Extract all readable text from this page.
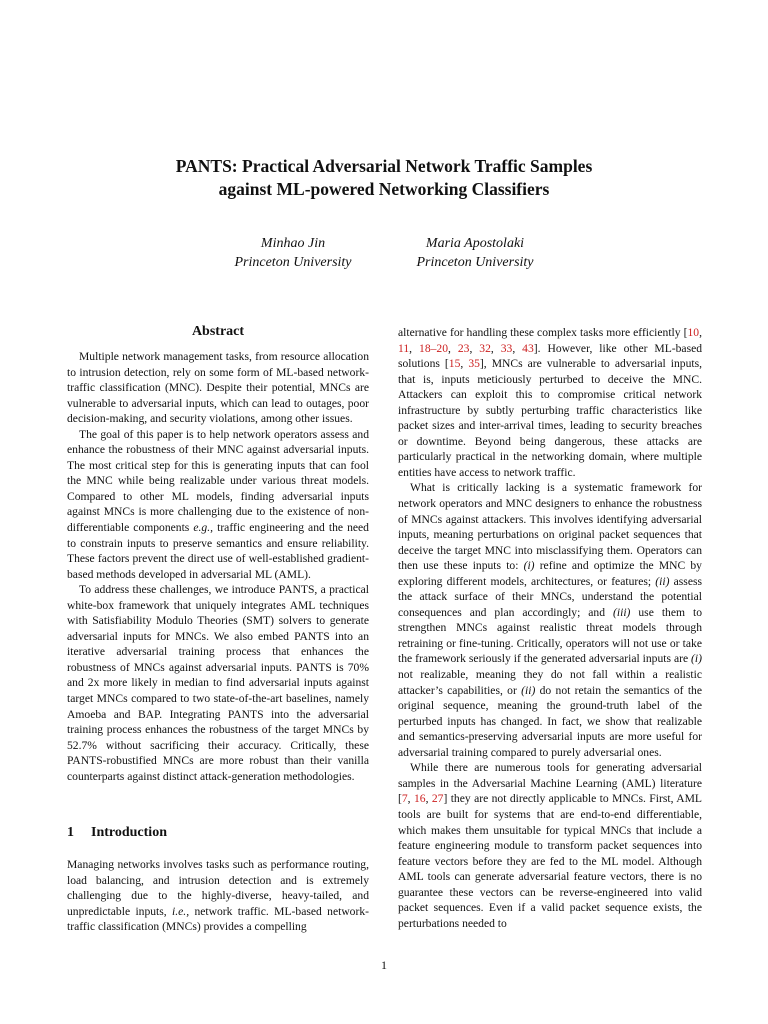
PANTS: Practical Adversarial Network Traffic Samples
against ML-powered Networking Classifiers
Minhao Jin
Princeton University
Maria Apostolaki
Princeton University
Abstract

Multiple network management tasks, from resource allocation to intrusion detection, rely on some form of ML-based network-traffic classification (MNC). Despite their potential, MNCs are vulnerable to adversarial inputs, which can lead to outages, poor decision-making, and security violations, among other issues.

The goal of this paper is to help network operators assess and enhance the robustness of their MNC against adversarial inputs. The most critical step for this is generating inputs that can fool the MNC while being realizable under various threat models. Compared to other ML models, finding adversarial inputs against MNCs is more challenging due to the existence of non-differentiable components e.g., traffic engineering and the need to constrain inputs to preserve semantics and ensure reliability. These factors prevent the direct use of well-established gradient-based methods developed in adversarial ML (AML).

To address these challenges, we introduce PANTS, a practical white-box framework that uniquely integrates AML techniques with Satisfiability Modulo Theories (SMT) solvers to generate adversarial inputs for MNCs. We also embed PANTS into an iterative adversarial training process that enhances the robustness of MNCs against adversarial inputs. PANTS is 70% and 2x more likely in median to find adversarial inputs against target MNCs compared to two state-of-the-art baselines, namely Amoeba and BAP. Integrating PANTS into the adversarial training process enhances the robustness of the target MNCs by 52.7% without sacrificing their accuracy. Critically, these PANTS-robustified MNCs are more robust than their vanilla counterparts against distinct attack-generation methodologies.

1 Introduction

Managing networks involves tasks such as performance routing, load balancing, and intrusion detection and is extremely challenging due to the highly-diverse, heavy-tailed, and unpredictable inputs, i.e., network traffic. ML-based network-traffic classification (MNCs) provides a compelling

alternative for handling these complex tasks more efficiently [10, 11, 18–20, 23, 32, 33, 43]. However, like other ML-based solutions [15, 35], MNCs are vulnerable to adversarial inputs, that is, inputs meticiously perturbed to deceive the MNC. Attackers can exploit this to compromise critical network infrastructure by subtly perturbing traffic characteristics like packet sizes and inter-arrival times, leading to security breaches or downtime. Beyond being dangerous, these attacks are particularly practical in the networking domain, where multiple entities have access to network traffic.

What is critically lacking is a systematic framework for network operators and MNC designers to enhance the robustness of MNCs against attackers. This involves identifying adversarial inputs, meaning perturbations on original packet sequences that deceive the target MNC into misclassifying them. Operators can then use these inputs to: (i) refine and optimize the MNC by exploring different models, architectures, or features; (ii) assess the attack surface of their MNCs, understand the potential consequences and plan accordingly; and (iii) use them to strengthen MNCs against realistic threat models through retraining or fine-tuning. Critically, operators will not use or take the framework seriously if the generated adversarial inputs are (i) not realizable, meaning they do not fall within a realistic attacker’s capabilities, or (ii) do not retain the semantics of the original sequence, meaning the ground-truth label of the perturbed inputs has changed. In fact, we show that realizable and semantics-preserving adversarial inputs are more useful for adversarial training compared to purely adversarial ones.

While there are numerous tools for generating adversarial samples in the Adversarial Machine Learning (AML) literature [7, 16, 27] they are not directly applicable to MNCs. First, AML tools are built for systems that are end-to-end differentiable, which makes them unsuitable for typical MNCs that include a feature engineering module to transform packet sequences into feature vectors before they are fed to the ML model. Although AML tools can generate adversarial feature vectors, there is no guarantee these vectors can be reverse-engineered into valid packet sequences. Even if a valid packet sequence exists, the perturbations needed to

1
